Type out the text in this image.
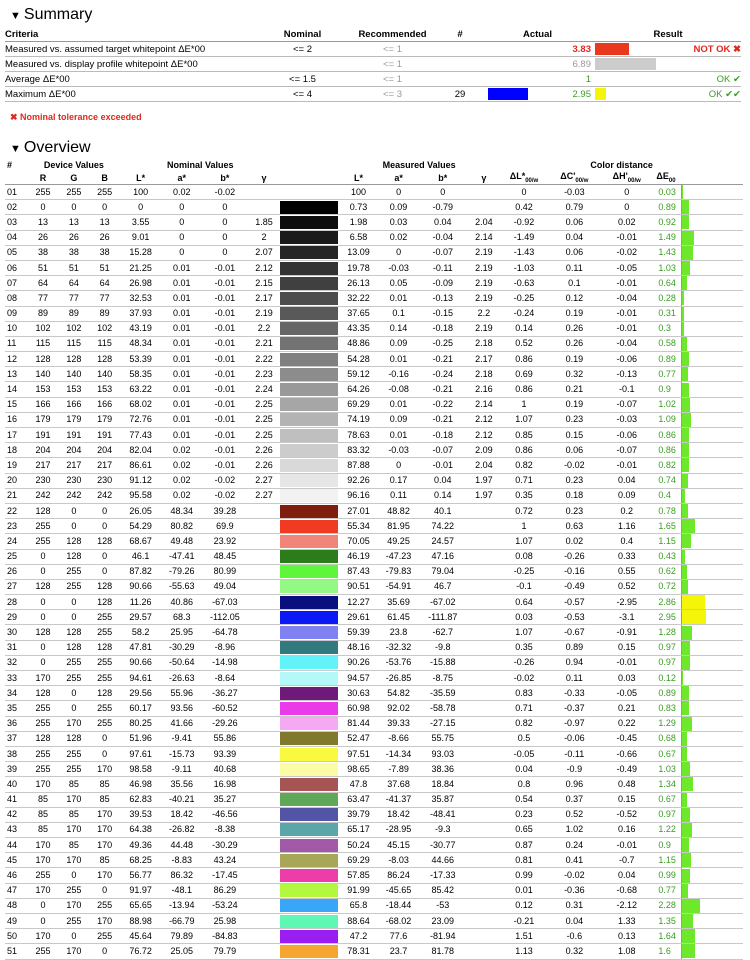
▼ Summary
Criteria	Nominal	Recommended	#	Actual		Result	
Measured vs. assumed target whitepoint ΔE*00	<= 2	<= 1			3.83		NOT OK ✖
Measured vs. display profile whitepoint ΔE*00		<= 1			6.89		
Average ΔE*00	<= 1.5	<= 1			1		OK ✔
Maximum ΔE*00	<= 4	<= 3	29		2.95		OK ✔✔
✖ Nominal tolerance exceeded
▼ Overview
#	Device Values			Nominal Values					Measured Values				Color distance				
	R	G	B	L*	a*	b*	γ		L*	a*	b*	γ	$\Delta L*_{00/w}$	$\Delta C'_{00/w}$	$\Delta H'_{00/w}$	$\Delta E_{00}$
01	255	255	255	100	0.02	-0.02			100	0	0		0	-0.03	0	0.03	

02	0	0	0	0	0	0			0.73	0.09	-0.79		0.42	0.79	0	0.89	

03	13	13	13	3.55	0	0	1.85		1.98	0.03	0.04	2.04	-0.92	0.06	0.02	0.92	

04	26	26	26	9.01	0	0	2		6.58	0.02	-0.04	2.14	-1.49	0.04	-0.01	1.49	

05	38	38	38	15.28	0	0	2.07		13.09	0	-0.07	2.19	-1.43	0.06	-0.02	1.43	

06	51	51	51	21.25	0.01	-0.01	2.12		19.78	-0.03	-0.11	2.19	-1.03	0.11	-0.05	1.03	

07	64	64	64	26.98	0.01	-0.01	2.15		26.13	0.05	-0.09	2.19	-0.63	0.1	-0.01	0.64	

08	77	77	77	32.53	0.01	-0.01	2.17		32.22	0.01	-0.13	2.19	-0.25	0.12	-0.04	0.28	

09	89	89	89	37.93	0.01	-0.01	2.19		37.65	0.1	-0.15	2.2	-0.24	0.19	-0.01	0.31	

10	102	102	102	43.19	0.01	-0.01	2.2		43.35	0.14	-0.18	2.19	0.14	0.26	-0.01	0.3	

11	115	115	115	48.34	0.01	-0.01	2.21		48.86	0.09	-0.25	2.18	0.52	0.26	-0.04	0.58	

12	128	128	128	53.39	0.01	-0.01	2.22		54.28	0.01	-0.21	2.17	0.86	0.19	-0.06	0.89	

13	140	140	140	58.35	0.01	-0.01	2.23		59.12	-0.16	-0.24	2.18	0.69	0.32	-0.13	0.77	

14	153	153	153	63.22	0.01	-0.01	2.24		64.26	-0.08	-0.21	2.16	0.86	0.21	-0.1	0.9	

15	166	166	166	68.02	0.01	-0.01	2.25		69.29	0.01	-0.22	2.14	1	0.19	-0.07	1.02	

16	179	179	179	72.76	0.01	-0.01	2.25		74.19	0.09	-0.21	2.12	1.07	0.23	-0.03	1.09	

17	191	191	191	77.43	0.01	-0.01	2.25		78.63	0.01	-0.18	2.12	0.85	0.15	-0.06	0.86	

18	204	204	204	82.04	0.02	-0.01	2.26		83.32	-0.03	-0.07	2.09	0.86	0.06	-0.07	0.86	

19	217	217	217	86.61	0.02	-0.01	2.26		87.88	0	-0.01	2.04	0.82	-0.02	-0.01	0.82	

20	230	230	230	91.12	0.02	-0.02	2.27		92.26	0.17	0.04	1.97	0.71	0.23	0.04	0.74	

21	242	242	242	95.58	0.02	-0.02	2.27		96.16	0.11	0.14	1.97	0.35	0.18	0.09	0.4	

22	128	0	0	26.05	48.34	39.28			27.01	48.82	40.1		0.72	0.23	0.2	0.78	

23	255	0	0	54.29	80.82	69.9			55.34	81.95	74.22		1	0.63	1.16	1.65	

24	255	128	128	68.67	49.48	23.92			70.05	49.25	24.57		1.07	0.02	0.4	1.15	

25	0	128	0	46.1	-47.41	48.45			46.19	-47.23	47.16		0.08	-0.26	0.33	0.43	

26	0	255	0	87.82	-79.26	80.99			87.43	-79.83	79.04		-0.25	-0.16	0.55	0.62	

27	128	255	128	90.66	-55.63	49.04			90.51	-54.91	46.7		-0.1	-0.49	0.52	0.72	

28	0	0	128	11.26	40.86	-67.03			12.27	35.69	-67.02		0.64	-0.57	-2.95	2.86	

29	0	0	255	29.57	68.3	-112.05			29.61	61.45	-111.87		0.03	-0.53	-3.1	2.95	

30	128	128	255	58.2	25.95	-64.78			59.39	23.8	-62.7		1.07	-0.67	-0.91	1.28	

31	0	128	128	47.81	-30.29	-8.96			48.16	-32.32	-9.8		0.35	0.89	0.15	0.97	

32	0	255	255	90.66	-50.64	-14.98			90.26	-53.76	-15.88		-0.26	0.94	-0.01	0.97	

33	170	255	255	94.61	-26.63	-8.64			94.57	-26.85	-8.75		-0.02	0.11	0.03	0.12	

34	128	0	128	29.56	55.96	-36.27			30.63	54.82	-35.59		0.83	-0.33	-0.05	0.89	

35	255	0	255	60.17	93.56	-60.52			60.98	92.02	-58.78		0.71	-0.37	0.21	0.83	

36	255	170	255	80.25	41.66	-29.26			81.44	39.33	-27.15		0.82	-0.97	0.22	1.29	

37	128	128	0	51.96	-9.41	55.86			52.47	-8.66	55.75		0.5	-0.06	-0.45	0.68	

38	255	255	0	97.61	-15.73	93.39			97.51	-14.34	93.03		-0.05	-0.11	-0.66	0.67	

39	255	255	170	98.58	-9.11	40.68			98.65	-7.89	38.36		0.04	-0.9	-0.49	1.03	

40	170	85	85	46.98	35.56	16.98			47.8	37.68	18.84		0.8	0.96	0.48	1.34	

41	85	170	85	62.83	-40.21	35.27			63.47	-41.37	35.87		0.54	0.37	0.15	0.67	

42	85	85	170	39.53	18.42	-46.56			39.79	18.42	-48.41		0.23	0.52	-0.52	0.97	

43	85	170	170	64.38	-26.82	-8.38			65.17	-28.95	-9.3		0.65	1.02	0.16	1.22	

44	170	85	170	49.36	44.48	-30.29			50.24	45.15	-30.77		0.87	0.24	-0.01	0.9	

45	170	170	85	68.25	-8.83	43.24			69.29	-8.03	44.66		0.81	0.41	-0.7	1.15	

46	255	0	170	56.77	86.32	-17.45			57.85	86.24	-17.33		0.99	-0.02	0.04	0.99	

47	170	255	0	91.97	-48.1	86.29			91.99	-45.65	85.42		0.01	-0.36	-0.68	0.77	

48	0	170	255	65.65	-13.94	-53.24			65.8	-18.44	-53		0.12	0.31	-2.12	2.28	

49	0	255	170	88.98	-66.79	25.98			88.64	-68.02	23.09		-0.21	0.04	1.33	1.35	

50	170	0	255	45.64	79.89	-84.83			47.2	77.6	-81.94		1.51	-0.6	0.13	1.64	

51	255	170	0	76.72	25.05	79.79			78.31	23.7	81.78		1.13	0.32	1.08	1.6	
